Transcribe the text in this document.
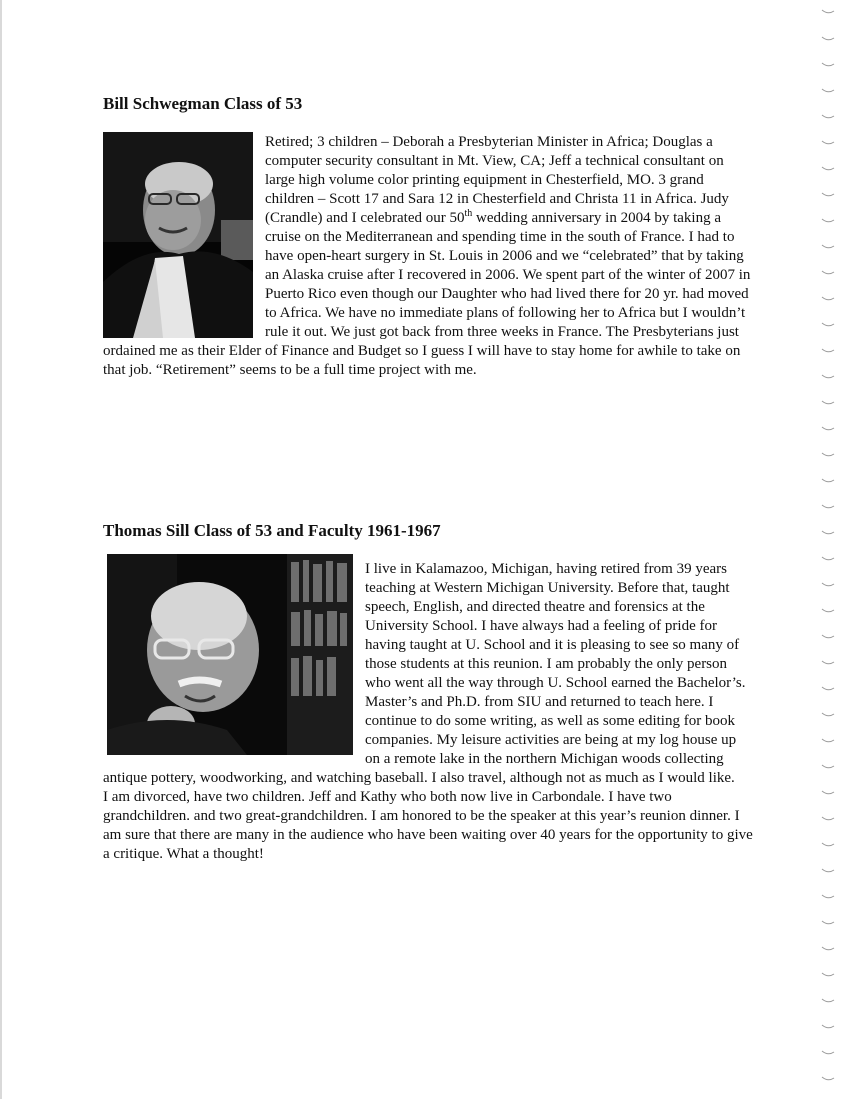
Bill Schwegman Class of 53

Retired; 3 children – Deborah a Presbyterian Minister in Africa; Douglas a computer security consultant in Mt. View, CA; Jeff a technical consultant on large high volume color printing equipment in Chesterfield, MO. 3 grand children – Scott 17 and Sara 12 in Chesterfield and Christa 11 in Africa. Judy (Crandle) and I celebrated our 50th wedding anniversary in 2004 by taking a cruise on the Mediterranean and spending time in the south of France. I had to have open-heart surgery in St. Louis in 2006 and we “celebrated” that by taking an Alaska cruise after I recovered in 2006. We spent part of the winter of 2007 in Puerto Rico even though our Daughter who had lived there for 20 yr. had moved to Africa. We have no immediate plans of following her to Africa but I wouldn’t rule it out. We just got back from three weeks in France. The Presbyterians just ordained me as their Elder of Finance and Budget so I guess I will have to stay home for awhile to take on that job. “Retirement” seems to be a full time project with me.

Thomas Sill Class of 53 and Faculty 1961-1967

I live in Kalamazoo, Michigan, having retired from 39 years teaching at Western Michigan University. Before that, taught speech, English, and directed theatre and forensics at the University School. I have always had a feeling of pride for having taught at U. School and it is pleasing to see so many of those students at this reunion. I am probably the only person who went all the way through U. School earned the Bachelor’s. Master’s and Ph.D. from SIU and returned to teach here. I continue to do some writing, as well as some editing for book companies. My leisure activities are being at my log house up on a remote lake in the northern Michigan woods collecting antique pottery, woodworking, and watching baseball. I also travel, although not as much as I would like.

I am divorced, have two children. Jeff and Kathy who both now live in Carbondale. I have two grandchildren. and two great-grandchildren. I am honored to be the speaker at this year’s reunion dinner. I am sure that there are many in the audience who have been waiting over 40 years for the opportunity to give a critique. What a thought!
